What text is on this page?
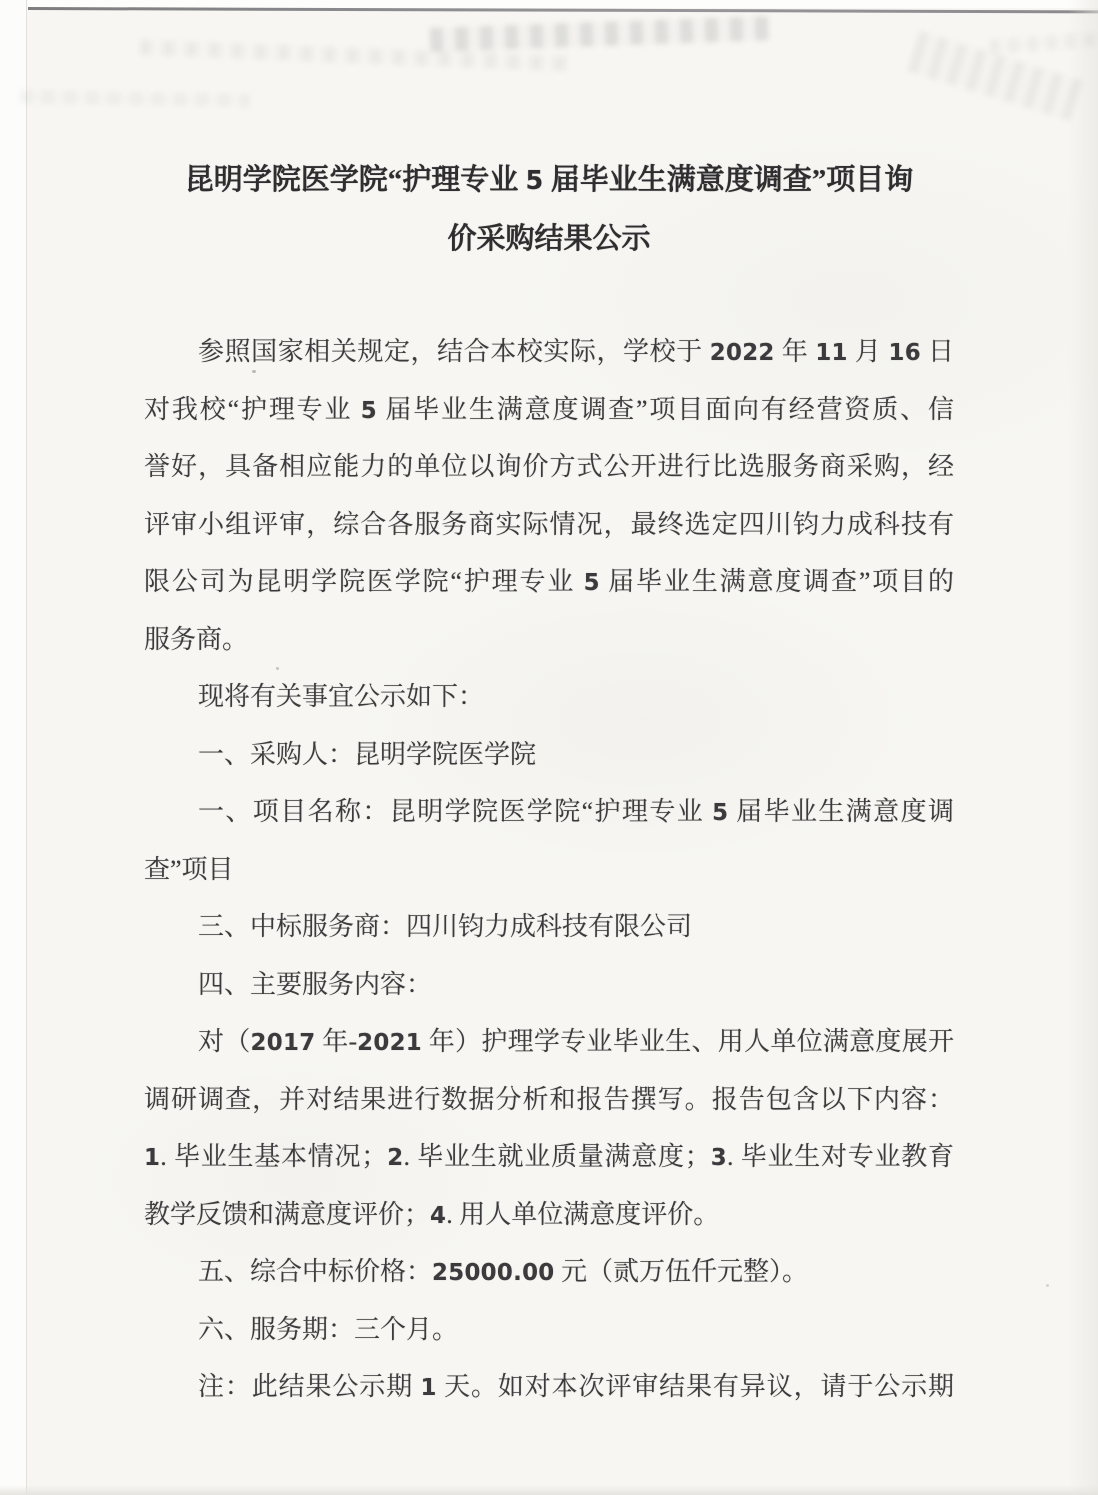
昆明学院医学院“护理专业 5 届毕业生满意度调查”项目询
价采购结果公示
参照国家相关规定，结合本校实际，学校于 2022 年 11 月 16 日
对我校“护理专业 5 届毕业生满意度调查”项目面向有经营资质、信
誉好，具备相应能力的单位以询价方式公开进行比选服务商采购，经
评审小组评审，综合各服务商实际情况，最终选定四川钧力成科技有
限公司为昆明学院医学院“护理专业 5 届毕业生满意度调查”项目的
服务商。
现将有关事宜公示如下：
一、采购人：昆明学院医学院
一、项目名称：昆明学院医学院“护理专业 5 届毕业生满意度调
查”项目
三、中标服务商：四川钧力成科技有限公司
四、主要服务内容：
对（2017 年-2021 年）护理学专业毕业生、用人单位满意度展开
调研调查，并对结果进行数据分析和报告撰写。报告包含以下内容：
1. 毕业生基本情况；2. 毕业生就业质量满意度；3. 毕业生对专业教育
教学反馈和满意度评价；4. 用人单位满意度评价。
五、综合中标价格：25000.00 元（贰万伍仟元整）。
六、服务期：三个月。
注：此结果公示期 1 天。如对本次评审结果有异议，请于公示期
